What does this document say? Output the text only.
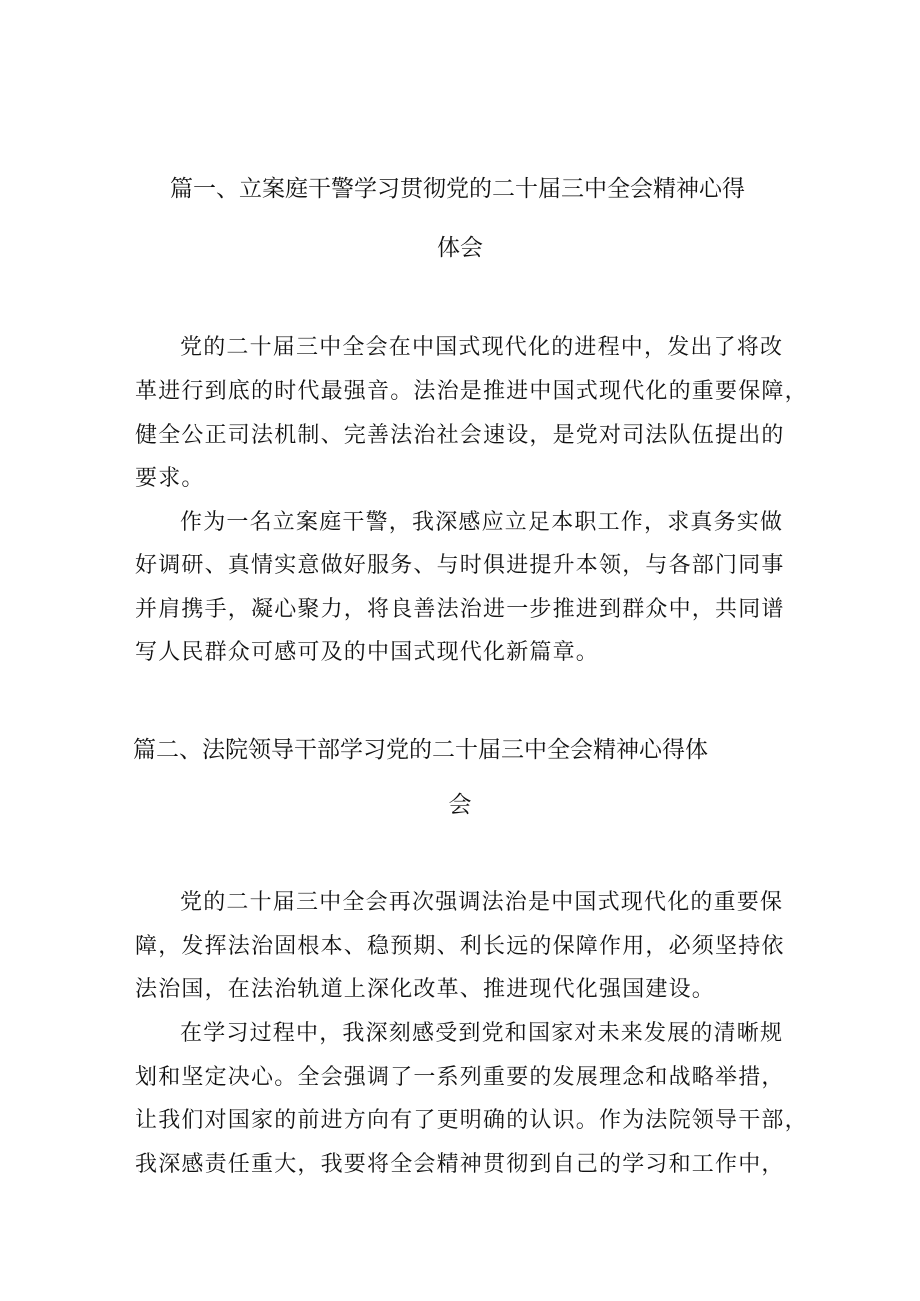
篇一、立案庭干警学习贯彻党的二十届三中全会精神心得
体会
党的二十届三中全会在中国式现代化的进程中，发出了将改
革进行到底的时代最强音。法治是推进中国式现代化的重要保障，
健全公正司法机制、完善法治社会速设，是党对司法队伍提出的
要求。
作为一名立案庭干警，我深感应立足本职工作，求真务实做
好调研、真情实意做好服务、与时俱进提升本领，与各部门同事
并肩携手，凝心聚力，将良善法治进一步推进到群众中，共同谱
写人民群众可感可及的中国式现代化新篇章。
篇二、法院领导干部学习党的二十届三中全会精神心得体
会
党的二十届三中全会再次强调法治是中国式现代化的重要保
障，发挥法治固根本、稳预期、利长远的保障作用，必须坚持依
法治国，在法治轨道上深化改革、推进现代化强国建设。
在学习过程中，我深刻感受到党和国家对未来发展的清晰规
划和坚定决心。全会强调了一系列重要的发展理念和战略举措，
让我们对国家的前进方向有了更明确的认识。作为法院领导干部，
我深感责任重大，我要将全会精神贯彻到自己的学习和工作中，
